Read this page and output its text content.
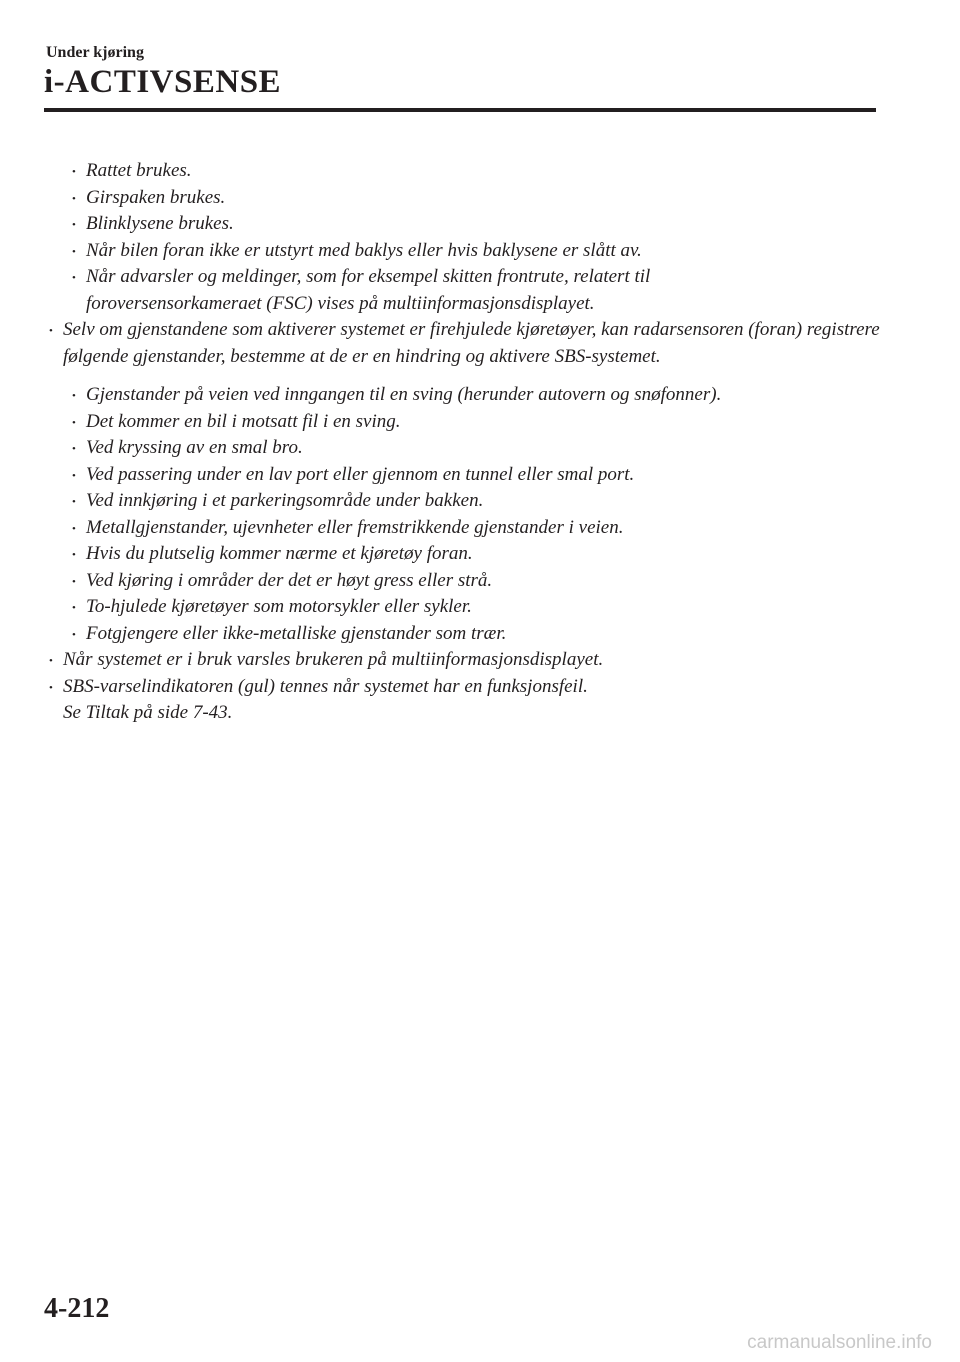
Under kjøring

i-ACTIVSENSE
• Rattet brukes.
• Girspaken brukes.
• Blinklysene brukes.
• Når bilen foran ikke er utstyrt med baklys eller hvis baklysene er slått av.
• Når advarsler og meldinger, som for eksempel skitten frontrute, relatert til foroversensorkameraet (FSC) vises på multiinformasjonsdisplayet.
• Selv om gjenstandene som aktiverer systemet er firehjulede kjøretøyer, kan radarsensoren (foran) registrere følgende gjenstander, bestemme at de er en hindring og aktivere SBS-systemet.
• Gjenstander på veien ved inngangen til en sving (herunder autovern og snøfonner).
• Det kommer en bil i motsatt fil i en sving.
• Ved kryssing av en smal bro.
• Ved passering under en lav port eller gjennom en tunnel eller smal port.
• Ved innkjøring i et parkeringsområde under bakken.
• Metallgjenstander, ujevnheter eller fremstrikkende gjenstander i veien.
• Hvis du plutselig kommer nærme et kjøretøy foran.
• Ved kjøring i områder der det er høyt gress eller strå.
• To-hjulede kjøretøyer som motorsykler eller sykler.
• Fotgjengere eller ikke-metalliske gjenstander som trær.
• Når systemet er i bruk varsles brukeren på multiinformasjonsdisplayet.
• SBS-varselindikatoren (gul) tennes når systemet har en funksjonsfeil.
Se Tiltak på side 7-43.

4-212

carmanualsonline.info
